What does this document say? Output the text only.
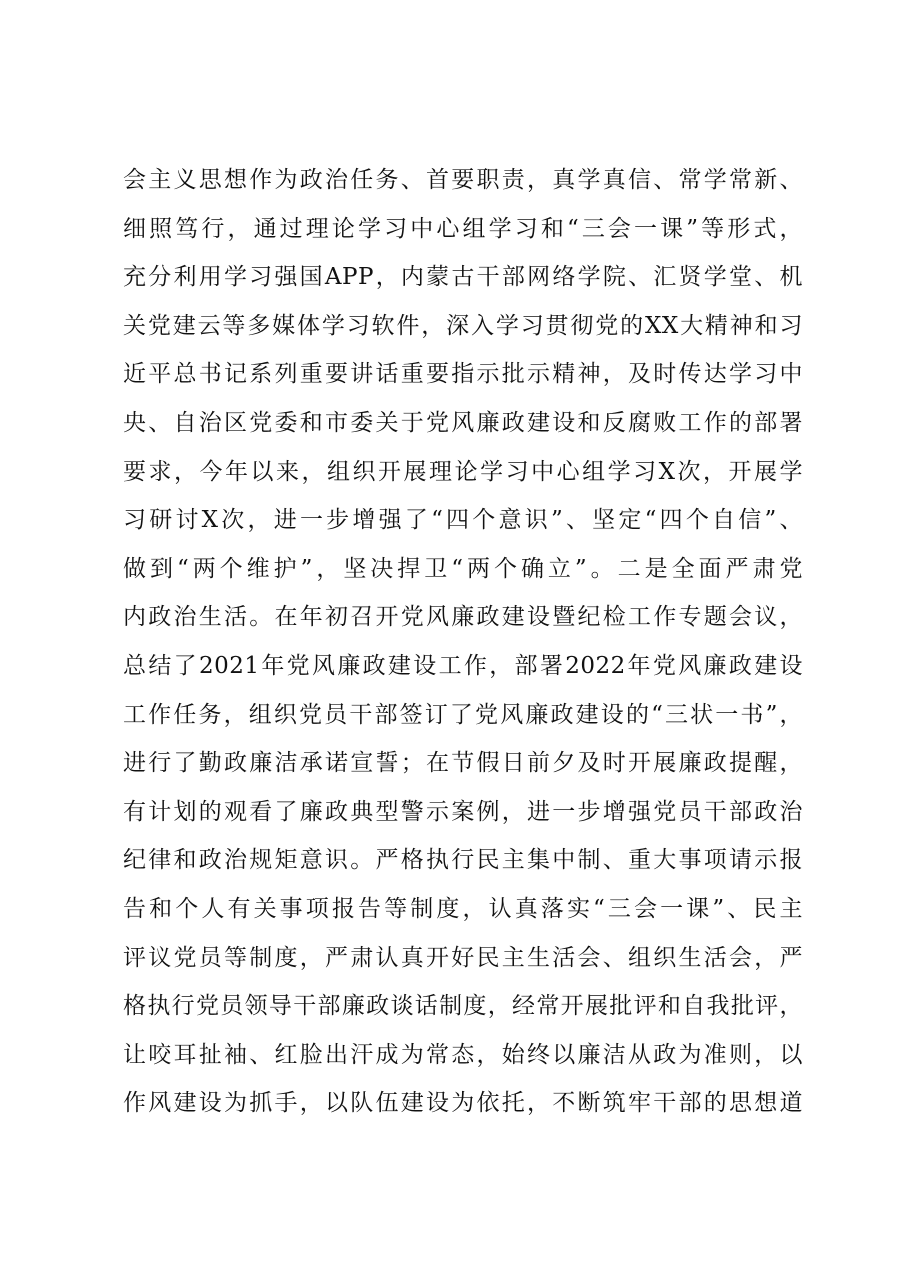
会主义思想作为政治任务、首要职责，真学真信、常学常新、
细照笃行，通过理论学习中心组学习和“三会一课”等形式，
充分利用学习强国APP，内蒙古干部网络学院、汇贤学堂、机
关党建云等多媒体学习软件，深入学习贯彻党的XX大精神和习
近平总书记系列重要讲话重要指示批示精神，及时传达学习中
央、自治区党委和市委关于党风廉政建设和反腐败工作的部署
要求，今年以来，组织开展理论学习中心组学习X次，开展学
习研讨X次，进一步增强了“四个意识”、坚定“四个自信”、
做到“两个维护”，坚决捍卫“两个确立”。二是全面严肃党
内政治生活。在年初召开党风廉政建设暨纪检工作专题会议，
总结了2021年党风廉政建设工作，部署2022年党风廉政建设
工作任务，组织党员干部签订了党风廉政建设的“三状一书”，
进行了勤政廉洁承诺宣誓；在节假日前夕及时开展廉政提醒，
有计划的观看了廉政典型警示案例，进一步增强党员干部政治
纪律和政治规矩意识。严格执行民主集中制、重大事项请示报
告和个人有关事项报告等制度，认真落实“三会一课”、民主
评议党员等制度，严肃认真开好民主生活会、组织生活会，严
格执行党员领导干部廉政谈话制度，经常开展批评和自我批评，
让咬耳扯袖、红脸出汗成为常态，始终以廉洁从政为准则，以
作风建设为抓手，以队伍建设为依托，不断筑牢干部的思想道
